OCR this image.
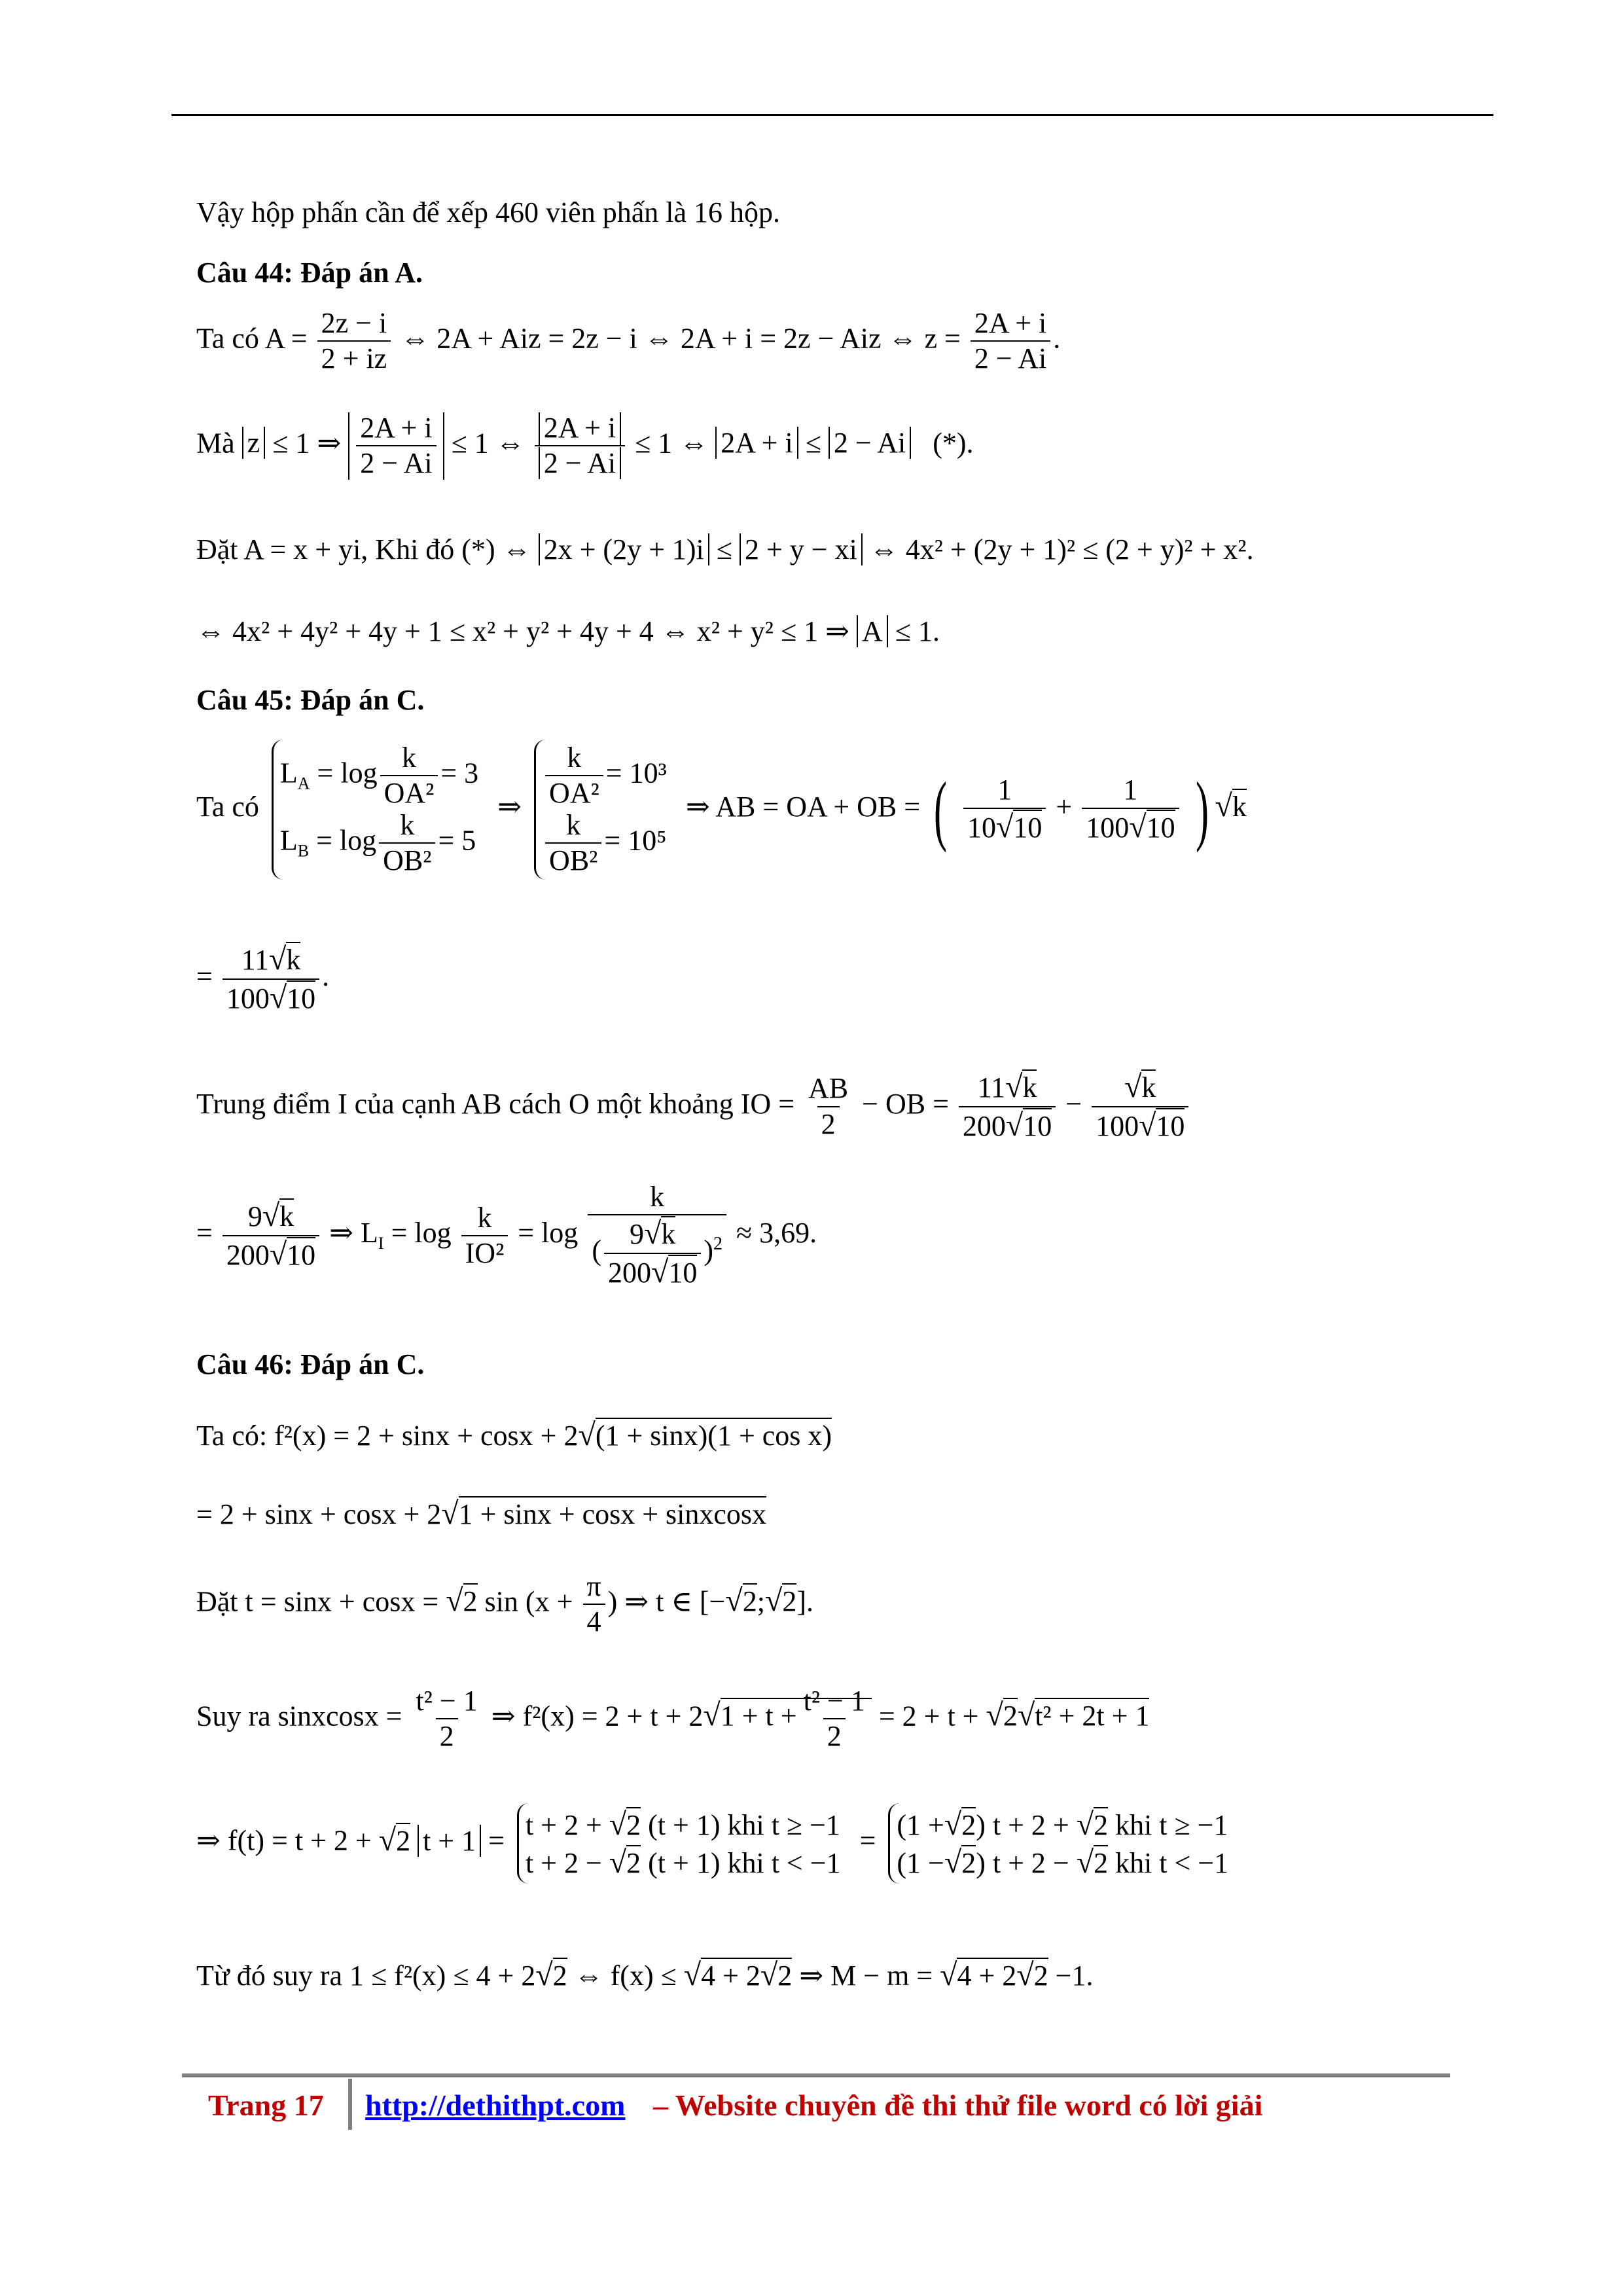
Vậy hộp phấn cần để xếp 460 viên phấn là 16 hộp.
Câu 44: Đáp án A.
Ta có $A = \frac{2z - i}{2 + iz}$ ⇔ 2A + Aiz = 2z − i ⇔ 2A + i = 2z − Aiz ⇔ $z = \frac{2A + i}{2 - Ai}$ .
Mà z ≤ 1 ⇒ $\frac{2A + i}{2 - Ai} \le 1$ ⇔ $\frac{2A + i}{2 - Ai} \le 1$ ⇔ 2A + i ≤ 2 − Ai (*).
Đặt A = x + yi, Khi đó (*) ⇔ 2x + (2y + 1)i ≤ 2 + y − xi ⇔ 4x² + (2y + 1)² ≤ (2 + y)² + x².
⇔ 4x² + 4y² + 4y + 1 ≤ x² + y² + 4y + 4 ⇔ x² + y² ≤ 1 ⇒ A ≤ 1.
Câu 45: Đáp án C.
Ta có
$L_A = \log \frac{k}{\text{OA²}} = 3$
$L_B = \log \frac{k}{\text{OB²}} = 5$
⇒ $\frac{k}{\text{OA²}} = 10^3$
$\frac{k}{\text{OB²}} = 10^5$
⇒ AB = OA + OB = ( $\frac{1}{10 √ 10} + \frac{1}{100 √ 10}$ ) √ k
= $\frac{11 √ k}{100 √ 10}$ .
Trung điểm I của cạnh AB cách O một khoảng IO = $\frac{AB}{2}$ − OB = $\frac{11 √ k}{200 √ 10}$ − √ $\frac{k}{100 √ 10}$
= $\frac{9 √ k}{200 √ 10}$ ⇒ $L_I = \log \frac{k}{\text{IO²}} = \log \frac{k}{( \frac{9 √ k}{200 √ 10} )^2} \approx 3,69$.
Câu 46: Đáp án C.
Ta có: f²(x) = 2 + sinx + cosx + 2 √ (1 + sinx)(1 + cos x)
= 2 + sinx + cosx + 2 √ 1 + sinx + cosx + sinxcosx
Đặt t = sinx + cosx = √ 2 $\sin (x + \frac{\pi}{4}$ ) ⇒ t ∈ [− √ 2; √ 2].
Suy ra sinxcosx = $\frac{\text{t² − 1}}{2}$ ⇒ f²(x) = 2 + t + 2 √ $1 + t + \frac{\text{t² − 1}}{2} = 2 + t$ + √ 2 √ t² + 2t + 1
⇒ f(t) = t + 2 + √ 2 t + 1 = t + 2 + √ 2 (t + 1) khi t ≥ −1
t + 2 − √ 2 (t + 1) khi t < −1
= (1 + √ 2) t + 2 + √ 2 khi t ≥ −1
(1 − √ 2) t + 2 − √ 2 khi t < −1
Từ đó suy ra 1 ≤ f²(x) ≤ 4 + 2 √ 2 ⇔ f(x) ≤ √ 4 + 2 √ 2 ⇒ M − m = √ 4 + 2 √ 2 −1.
Trang 17 http://dethithpt.com – Website chuyên đề thi thử file word có lời giải
